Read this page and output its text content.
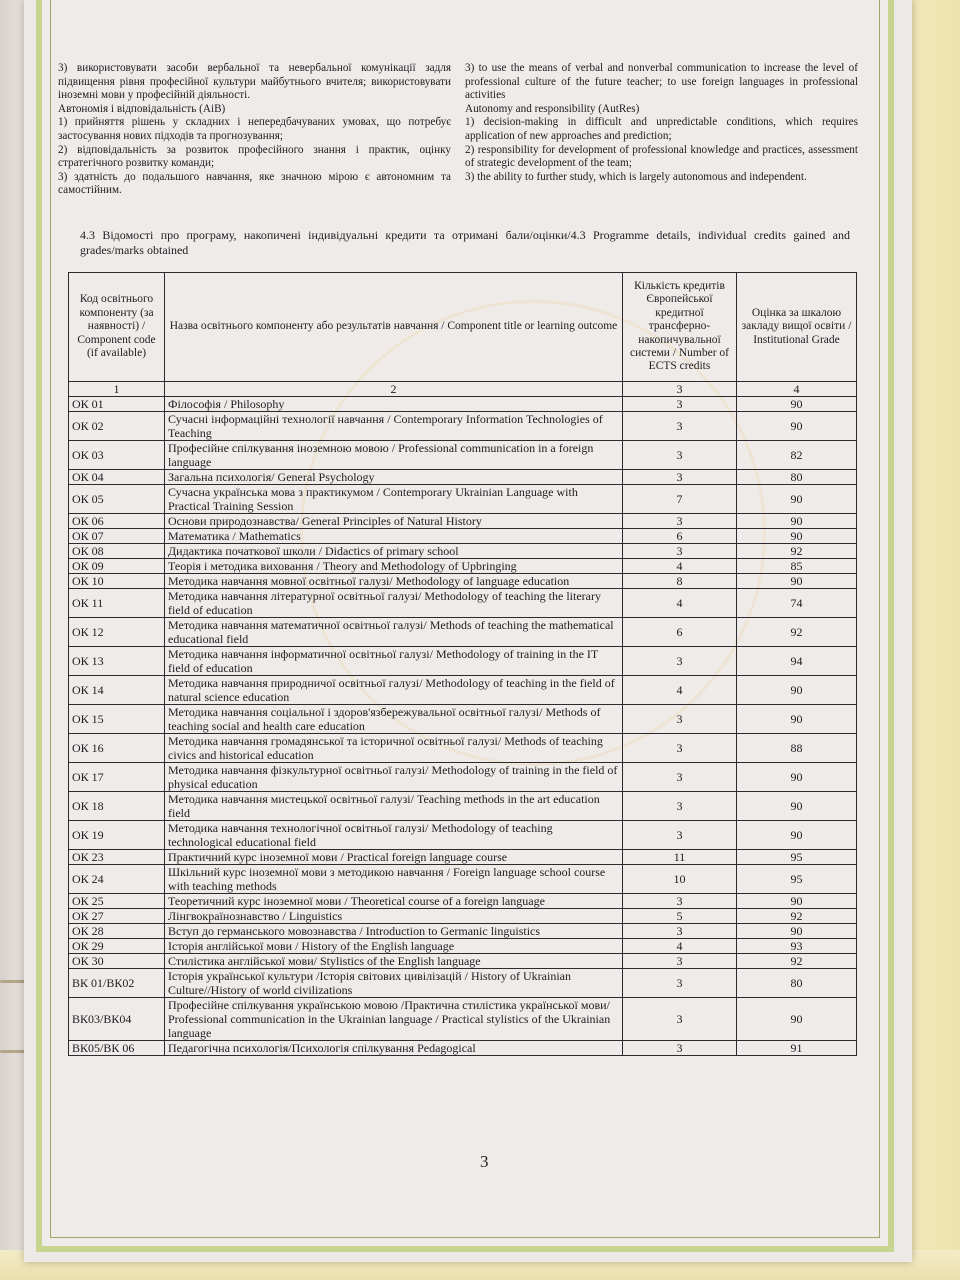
3) використовувати засоби вербальної та невербальної комунікації задля підвищення рівня професійної культури майбутнього вчителя; використовувати іноземні мови у професійній діяльності.

Автономія і відповідальність (АіВ)

1) прийняття рішень у складних і непередбачуваних умовах, що потребує застосування нових підходів та прогнозування;

2) відповідальність за розвиток професійного знання і практик, оцінку стратегічного розвитку команди;

3) здатність до подальшого навчання, яке значною мірою є автономним та самостійним.

3) to use the means of verbal and nonverbal communication to increase the level of professional culture of the future teacher; to use foreign languages in professional activities

Autonomy and responsibility (AutRes)

1) decision-making in difficult and unpredictable conditions, which requires application of new approaches and prediction;

2) responsibility for development of professional knowledge and practices, assessment of strategic development of the team;

3) the ability to further study, which is largely autonomous and independent.

4.3 Відомості про програму, накопичені індивідуальні кредити та отримані бали/оцінки/4.3 Programme details, individual credits gained and grades/marks obtained
Код освітнього компоненту (за наявності) / Component code (if available)	Назва освітнього компоненту або результатів навчання / Component title or learning outcome	Кількість кредитів Європейської кредитної трансферно-накопичувальної системи / Number of ECTS credits	Оцінка за шкалою закладу вищої освіти / Institutional Grade
1	2	3	4
ОК 01	Філософія / Philosophy	3	90
ОК 02	Сучасні інформаційні технології навчання / Contemporary Information Technologies of Teaching	3	90
ОК 03	Професійне спілкування іноземною мовою / Professional communication in a foreign language	3	82
ОК 04	Загальна психологія/ General Psychology	3	80
ОК 05	Сучасна українська мова з практикумом / Contemporary Ukrainian Language with Practical Training Session	7	90
ОК 06	Основи природознавства/ General Principles of Natural History	3	90
ОК 07	Математика / Mathematics	6	90
ОК 08	Дидактика початкової школи / Didactics of primary school	3	92
ОК 09	Теорія і методика виховання / Theory and Methodology of Upbringing	4	85
ОК 10	Методика навчання мовної освітньої галузі/ Methodology of language education	8	90
ОК 11	Методика навчання літературної освітньої галузі/ Methodology of teaching the literary field of education	4	74
ОК 12	Методика навчання математичної освітньої галузі/ Methods of teaching the mathematical educational field	6	92
ОК 13	Методика навчання інформатичної освітньої галузі/ Methodology of training in the IT field of education	3	94
ОК 14	Методика навчання природничої освітньої галузі/ Methodology of teaching in the field of natural science education	4	90
ОК 15	Методика навчання соціальної і здоров'язбережувальної освітньої галузі/ Methods of teaching social and health care education	3	90
ОК 16	Методика навчання громадянської та історичної освітньої галузі/ Methods of teaching civics and historical education	3	88
ОК 17	Методика навчання фізкультурної освітньої галузі/ Methodology of training in the field of physical education	3	90
ОК 18	Методика навчання мистецької освітньої галузі/ Teaching methods in the art education field	3	90
ОК 19	Методика навчання технологічної освітньої галузі/ Methodology of teaching technological educational field	3	90
ОК 23	Практичний курс іноземної мови / Practical foreign language course	11	95
ОК 24	Шкільний курс іноземної мови з методикою навчання / Foreign language school course with teaching methods	10	95
ОК 25	Теоретичний курс іноземної мови / Theoretical course of a foreign language	3	90
ОК 27	Лінгвокраїнознавство / Linguistics	5	92
ОК 28	Вступ до германського мовознавства / Introduction to Germanic linguistics	3	90
ОК 29	Історія англійської мови / History of the English language	4	93
ОК 30	Стилістика англійської мови/ Stylistics of the English language	3	92
ВК 01/ВК02	Історія української культури /Історія світових цивілізацій / History of Ukrainian Culture//History of world civilizations	3	80
ВК03/ВК04	Професійне спілкування українською мовою /Практична стилістика української мови/ Professional communication in the Ukrainian language / Practical stylistics of the Ukrainian language	3	90
ВК05/ВК 06	Педагогічна психологія/Психологія спілкування Pedagogical	3	91
3
